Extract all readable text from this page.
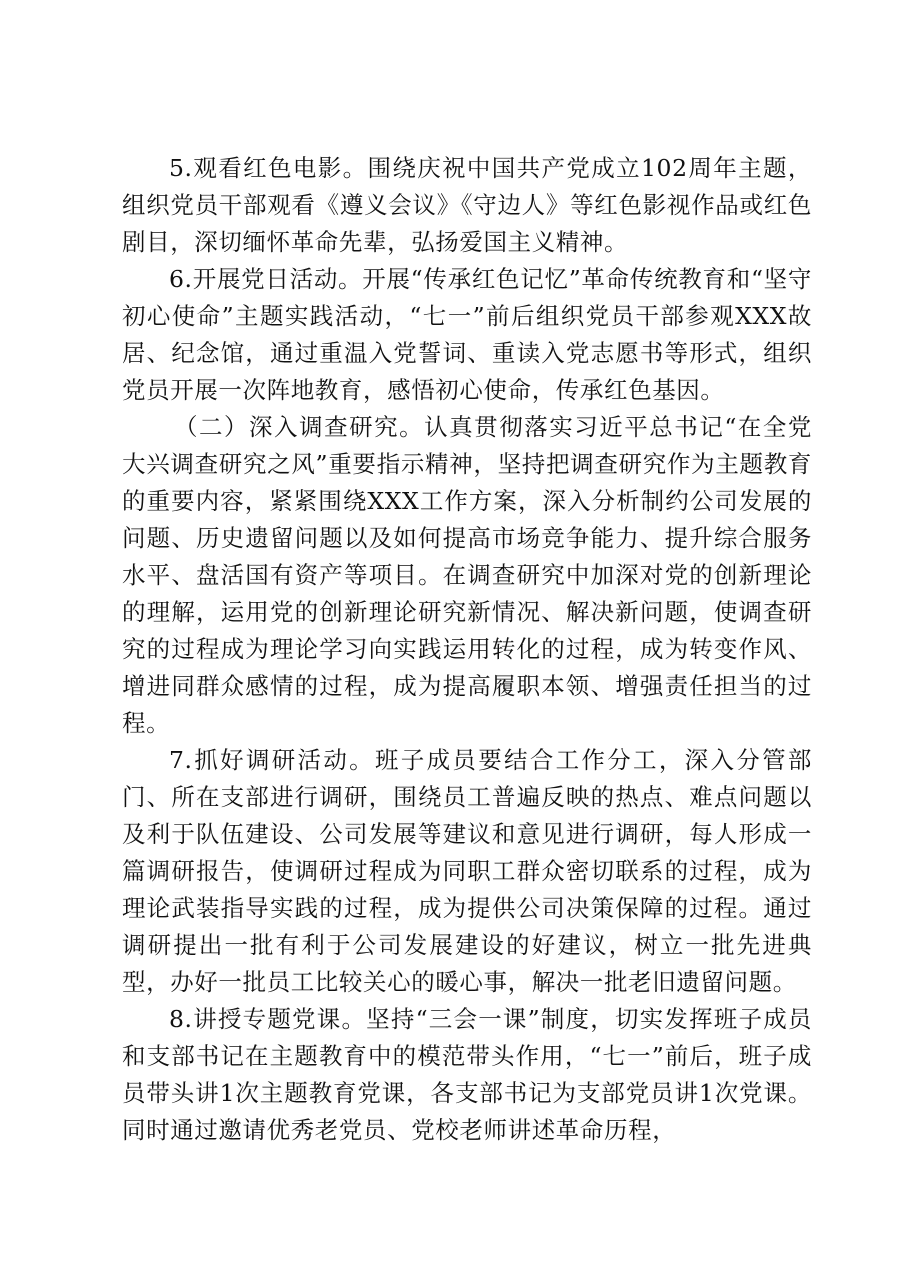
5.观看红色电影。围绕庆祝中国共产党成立102周年主题，组织党员干部观看《遵义会议》《守边人》等红色影视作品或红色剧目，深切缅怀革命先辈，弘扬爱国主义精神。

6.开展党日活动。开展“传承红色记忆”革命传统教育和“坚守初心使命”主题实践活动，“七一”前后组织党员干部参观XXX故居、纪念馆，通过重温入党誓词、重读入党志愿书等形式，组织党员开展一次阵地教育，感悟初心使命，传承红色基因。

（二）深入调查研究。认真贯彻落实习近平总书记“在全党大兴调查研究之风”重要指示精神，坚持把调查研究作为主题教育的重要内容，紧紧围绕XXX工作方案，深入分析制约公司发展的问题、历史遗留问题以及如何提高市场竞争能力、提升综合服务水平、盘活国有资产等项目。在调查研究中加深对党的创新理论的理解，运用党的创新理论研究新情况、解决新问题，使调查研究的过程成为理论学习向实践运用转化的过程，成为转变作风、增进同群众感情的过程，成为提高履职本领、增强责任担当的过程。

7.抓好调研活动。班子成员要结合工作分工，深入分管部门、所在支部进行调研，围绕员工普遍反映的热点、难点问题以及利于队伍建设、公司发展等建议和意见进行调研，每人形成一篇调研报告，使调研过程成为同职工群众密切联系的过程，成为理论武装指导实践的过程，成为提供公司决策保障的过程。通过调研提出一批有利于公司发展建设的好建议，树立一批先进典型，办好一批员工比较关心的暖心事，解决一批老旧遗留问题。

8.讲授专题党课。坚持“三会一课”制度，切实发挥班子成员和支部书记在主题教育中的模范带头作用，“七一”前后，班子成员带头讲1次主题教育党课，各支部书记为支部党员讲1次党课。同时通过邀请优秀老党员、党校老师讲述革命历程，
